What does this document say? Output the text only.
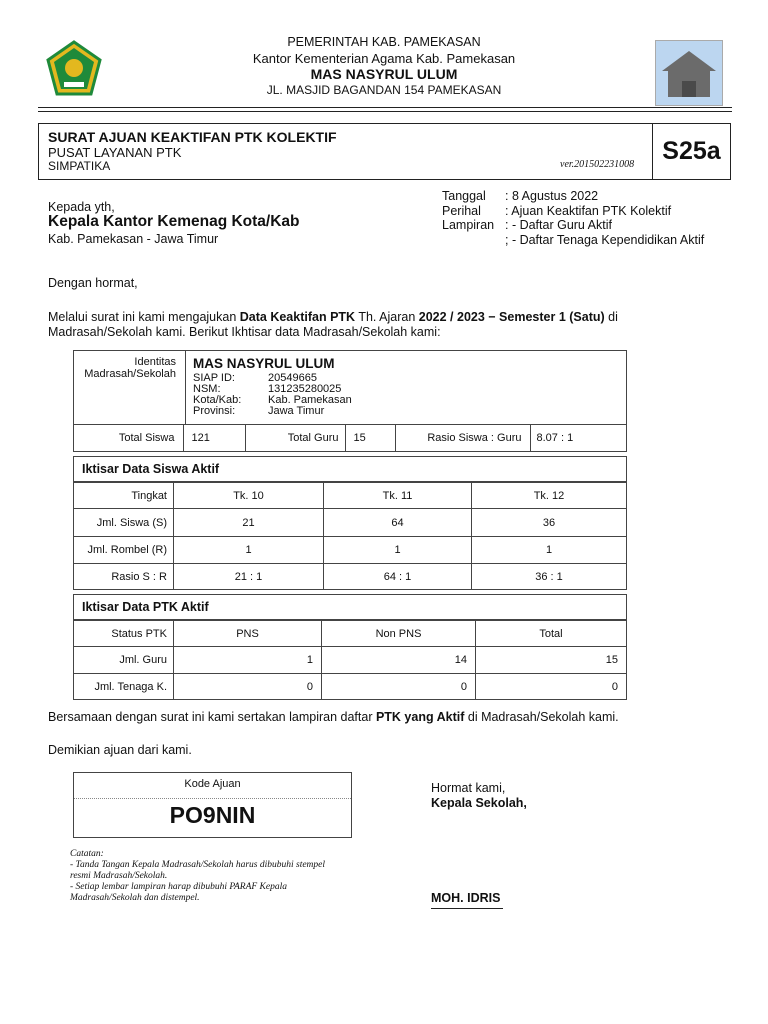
PEMERINTAH KAB. PAMEKASAN
Kantor Kementerian Agama Kab. Pamekasan
MAS NASYRUL ULUM
JL. MASJID BAGANDAN 154 PAMEKASAN
SURAT AJUAN KEAKTIFAN PTK KOLEKTIF
PUSAT LAYANAN PTK
SIMPATIKA	ver.201502231008	S25a
Kepada yth,
Kepala Kantor Kemenag Kota/Kab
Kab. Pamekasan - Jawa Timur
Tanggal : 8 Agustus 2022
Perihal : Ajuan Keaktifan PTK Kolektif
Lampiran : - Daftar Guru Aktif
; - Daftar Tenaga Kependidikan Aktif
Dengan hormat,
Melalui surat ini kami mengajukan Data Keaktifan PTK Th. Ajaran 2022 / 2023 − Semester 1 (Satu) di
Madrasah/Sekolah kami. Berikut Ikhtisar data Madrasah/Sekolah kami:
Identitas
Madrasah/Sekolah
MAS NASYRUL ULUM
SIAP ID:	20549665
NSM:	131235280025
Kota/Kab: Kab. Pamekasan
Provinsi:	Jawa Timur
Total Siswa	121	Total Guru	15	Rasio Siswa : Guru	8.07 : 1
Iktisar Data Siswa Aktif
Tingkat	Tk. 10	Tk. 11	Tk. 12
Jml. Siswa (S)	21	64	36
Jml. Rombel (R)	1	1	1
Rasio S : R	21 : 1	64 : 1	36 : 1
Iktisar Data PTK Aktif
Status PTK	PNS	Non PNS	Total
Jml. Guru	1	14	15
Jml. Tenaga K.	0	0	0
Bersamaan dengan surat ini kami sertakan lampiran daftar PTK yang Aktif di Madrasah/Sekolah kami.
Demikian ajuan dari kami.
Kode Ajuan
PO9NIN
Catatan:
- Tanda Tangan Kepala Madrasah/Sekolah harus dibubuhi stempel
resmi Madrasah/Sekolah.
- Setiap lembar lampiran harap dibubuhi PARAF Kepala
Madrasah/Sekolah dan distempel.
Hormat kami,
Kepala Sekolah,
MOH. IDRIS
